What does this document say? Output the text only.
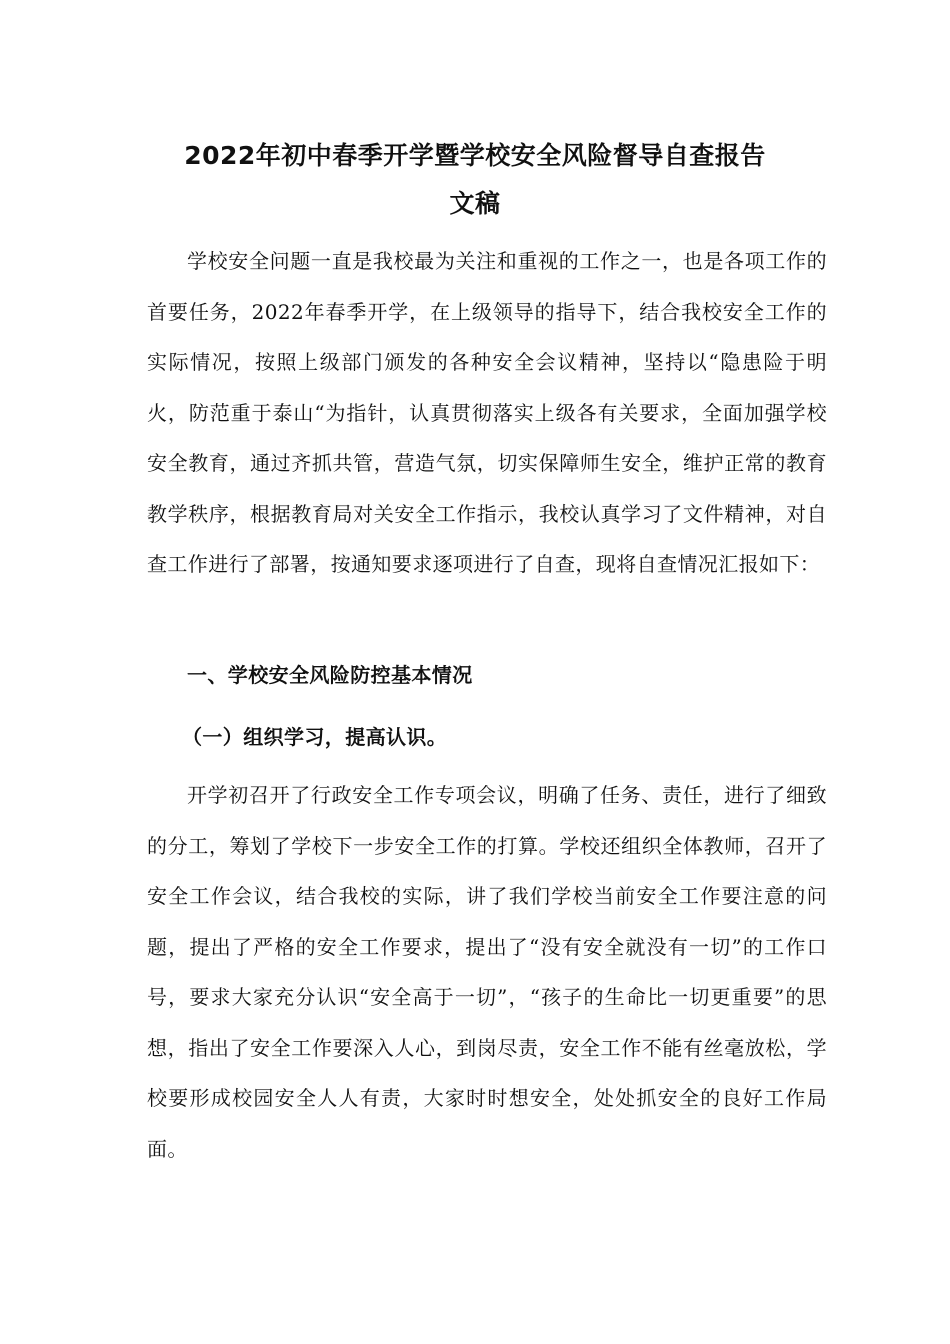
2022年初中春季开学暨学校安全风险督导自查报告
文稿

学校安全问题一直是我校最为关注和重视的工作之一，也是各项工作的首要任务，2022年春季开学，在上级领导的指导下，结合我校安全工作的实际情况，按照上级部门颁发的各种安全会议精神，坚持以“隐患险于明火，防范重于泰山“为指针，认真贯彻落实上级各有关要求，全面加强学校安全教育，通过齐抓共管，营造气氛，切实保障师生安全，维护正常的教育教学秩序，根据教育局对关安全工作指示，我校认真学习了文件精神，对自查工作进行了部署，按通知要求逐项进行了自查，现将自查情况汇报如下：

一、学校安全风险防控基本情况
（一）组织学习，提高认识。

开学初召开了行政安全工作专项会议，明确了任务、责任，进行了细致的分工，筹划了学校下一步安全工作的打算。学校还组织全体教师，召开了安全工作会议，结合我校的实际，讲了我们学校当前安全工作要注意的问题，提出了严格的安全工作要求，提出了“没有安全就没有一切”的工作口号，要求大家充分认识“安全高于一切”，“孩子的生命比一切更重要”的思想，指出了安全工作要深入人心，到岗尽责，安全工作不能有丝毫放松，学校要形成校园安全人人有责，大家时时想安全，处处抓安全的良好工作局面。
